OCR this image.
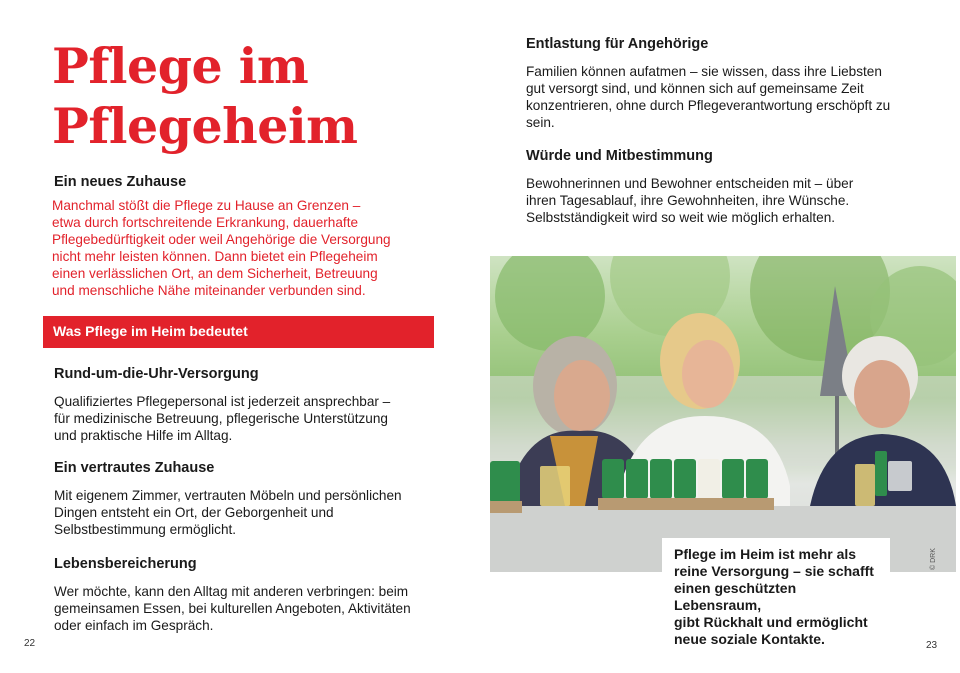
Pflege im
Pflegeheim
Ein neues Zuhause

Manchmal stößt die Pflege zu Hause an Grenzen –
etwa durch fortschreitende Erkrankung, dauerhafte
Pflegebedürftigkeit oder weil Angehörige die Versorgung
nicht mehr leisten können. Dann bietet ein Pflegeheim
einen verlässlichen Ort, an dem Sicherheit, Betreuung
und menschliche Nähe miteinander verbunden sind.

Was Pflege im Heim bedeutet
Rund-um-die-Uhr-Versorgung

Qualifiziertes Pflegepersonal ist jederzeit ansprechbar –
für medizinische Betreuung, pflegerische Unterstützung
und praktische Hilfe im Alltag.

Ein vertrautes Zuhause

Mit eigenem Zimmer, vertrauten Möbeln und persönlichen
Dingen entsteht ein Ort, der Geborgenheit und
Selbstbestimmung ermöglicht.

Lebensbereicherung

Wer möchte, kann den Alltag mit anderen verbringen: beim
gemeinsamen Essen, bei kulturellen Angeboten, Aktivitäten
oder einfach im Gespräch.

22
Entlastung für Angehörige

Familien können aufatmen – sie wissen, dass ihre Liebsten
gut versorgt sind, und können sich auf gemeinsame Zeit
konzentrieren, ohne durch Pflegeverantwortung erschöpft zu
sein.

Würde und Mitbestimmung

Bewohnerinnen und Bewohner entscheiden mit – über
ihren Tagesablauf, ihre Gewohnheiten, ihre Wünsche.
Selbstständigkeit wird so weit wie möglich erhalten.

Pflege im Heim ist mehr als
reine Versorgung – sie schafft
einen geschützten Lebensraum,
gibt Rückhalt und ermöglicht
neue soziale Kontakte.
© DRK
23
